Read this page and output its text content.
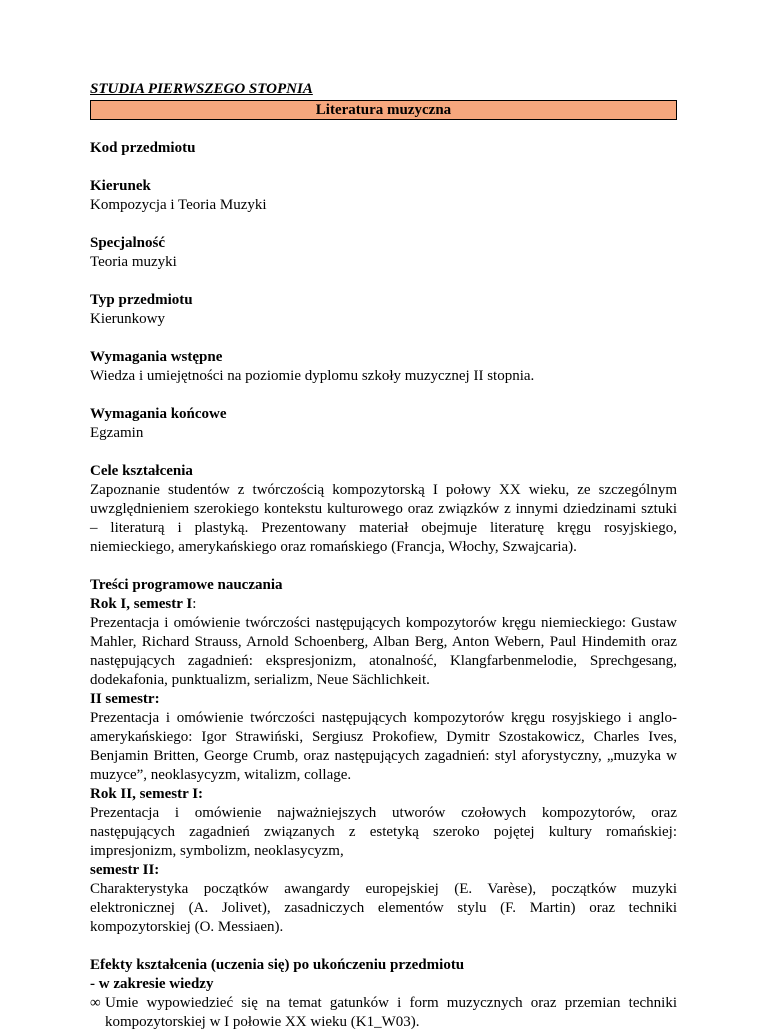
STUDIA PIERWSZEGO STOPNIA
Literatura muzyczna
Kod przedmiotu
Kierunek
Kompozycja i Teoria Muzyki
Specjalność
Teoria muzyki
Typ przedmiotu
Kierunkowy
Wymagania wstępne
Wiedza i umiejętności na poziomie dyplomu szkoły muzycznej II stopnia.
Wymagania końcowe
Egzamin
Cele kształcenia
Zapoznanie studentów z twórczością kompozytorską I połowy XX wieku, ze szczególnym uwzględnieniem szerokiego kontekstu kulturowego oraz związków z innymi dziedzinami sztuki – literaturą i plastyką. Prezentowany materiał obejmuje literaturę kręgu rosyjskiego, niemieckiego, amerykańskiego oraz romańskiego (Francja, Włochy, Szwajcaria).
Treści programowe nauczania
Rok I, semestr I:
Prezentacja i omówienie twórczości następujących kompozytorów kręgu niemieckiego: Gustaw Mahler, Richard Strauss, Arnold Schoenberg, Alban Berg, Anton Webern, Paul Hindemith oraz następujących zagadnień: ekspresjonizm, atonalność, Klangfarbenmelodie, Sprechgesang, dodekafonia, punktualizm, serializm, Neue Sächlichkeit.
II semestr:
Prezentacja i omówienie twórczości następujących kompozytorów kręgu rosyjskiego i anglo-amerykańskiego: Igor Strawiński, Sergiusz Prokofiew, Dymitr Szostakowicz, Charles Ives, Benjamin Britten, George Crumb, oraz następujących zagadnień: styl aforystyczny, „muzyka w muzyce”, neoklasycyzm, witalizm, collage.
Rok II, semestr I:
Prezentacja i omówienie najważniejszych utworów czołowych kompozytorów, oraz następujących zagadnień związanych z estetyką szeroko pojętej kultury romańskiej: impresjonizm, symbolizm, neoklasycyzm,
semestr II:
Charakterystyka początków awangardy europejskiej (E. Varèse), początków muzyki elektronicznej (A. Jolivet), zasadniczych elementów stylu (F. Martin) oraz techniki kompozytorskiej (O. Messiaen).
Efekty kształcenia (uczenia się) po ukończeniu przedmiotu
- w zakresie wiedzy
∞ Umie wypowiedzieć się na temat gatunków i form muzycznych oraz przemian techniki kompozytorskiej w I połowie XX wieku (K1_W03).
